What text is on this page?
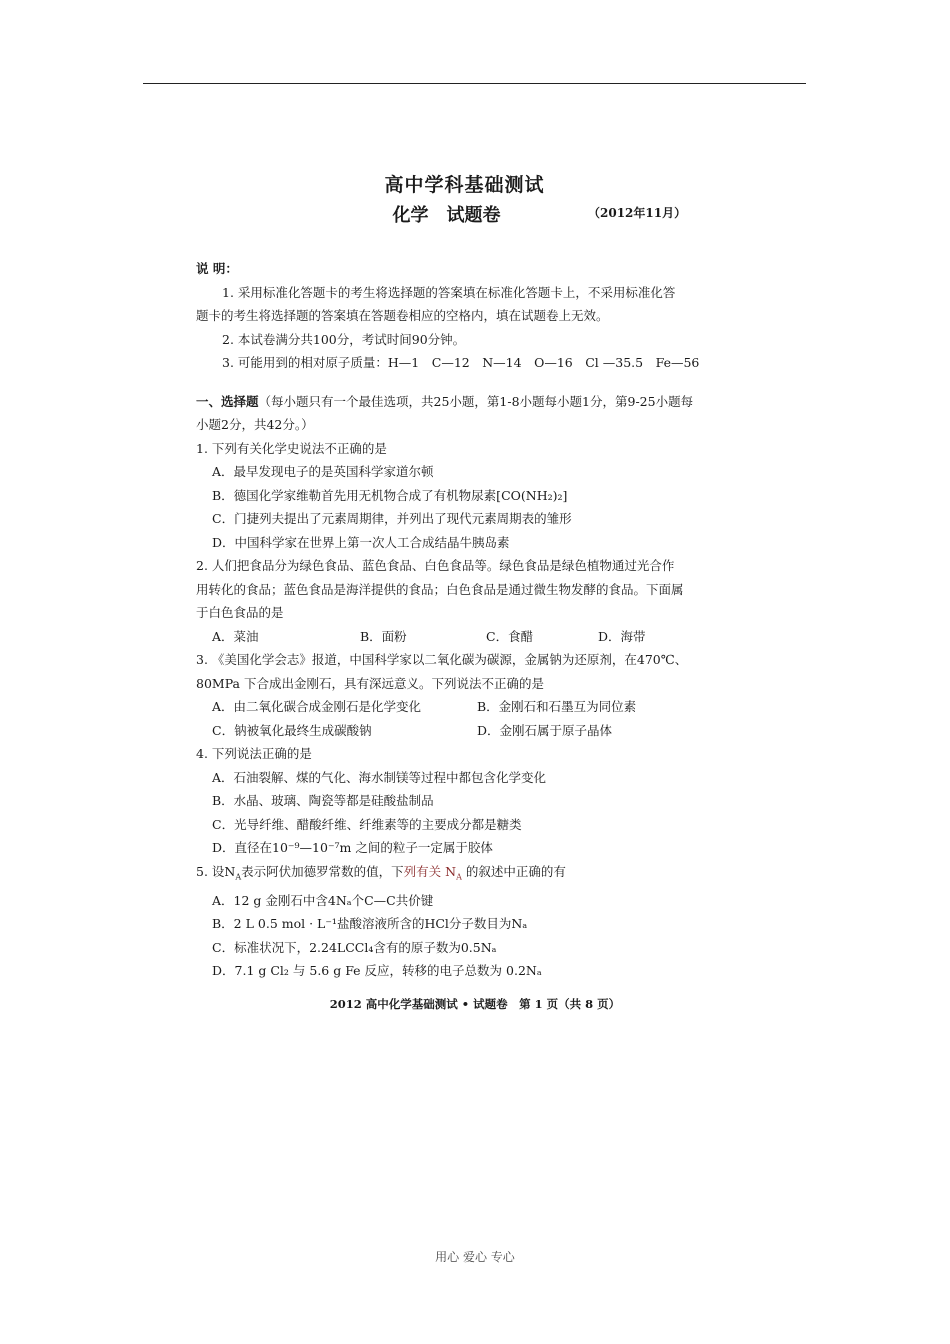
高中学科基础测试
化学　试题卷	（2012年11月）
说 明：
1. 采用标准化答题卡的考生将选择题的答案填在标准化答题卡上，不采用标准化答
题卡的考生将选择题的答案填在答题卷相应的空格内，填在试题卷上无效。
2. 本试卷满分共100分，考试时间90分钟。
3. 可能用到的相对原子质量：H—1　C—12　N—14　O—16　Cl —35.5　Fe—56
一、选择题（每小题只有一个最佳选项，共25小题，第1-8小题每小题1分，第9-25小题每
小题2分，共42分。）
1. 下列有关化学史说法不正确的是
A．最早发现电子的是英国科学家道尔顿
B．德国化学家维勒首先用无机物合成了有机物尿素[CO(NH₂)₂]
C．门捷列夫提出了元素周期律，并列出了现代元素周期表的雏形
D．中国科学家在世界上第一次人工合成结晶牛胰岛素
2. 人们把食品分为绿色食品、蓝色食品、白色食品等。绿色食品是绿色植物通过光合作
用转化的食品；蓝色食品是海洋提供的食品；白色食品是通过微生物发酵的食品。下面属
于白色食品的是
A．菜油	B．面粉	C．食醋	D．海带
3. 《美国化学会志》报道，中国科学家以二氧化碳为碳源，金属钠为还原剂，在470℃、
80MPa 下合成出金刚石，具有深远意义。下列说法不正确的是
A．由二氧化碳合成金刚石是化学变化	B．金刚石和石墨互为同位素
C．钠被氧化最终生成碳酸钠	D．金刚石属于原子晶体
4. 下列说法正确的是
A．石油裂解、煤的气化、海水制镁等过程中都包含化学变化
B．水晶、玻璃、陶瓷等都是硅酸盐制品
C．光导纤维、醋酸纤维、纤维素等的主要成分都是糖类
D．直径在10⁻⁹—10⁻⁷m 之间的粒子一定属于胶体
5. 设$N_A$表示阿伏加德罗常数的值，下列有关 $N_A$ 的叙述中正确的有
A．12 g 金刚石中含4Nₐ个C—C共价键
B．2 L 0.5 mol · L⁻¹盐酸溶液所含的HCl分子数目为Nₐ
C．标准状况下，2.24LCCl₄含有的原子数为0.5Nₐ
D．7.1 g Cl₂ 与 5.6 g Fe 反应，转移的电子总数为 0.2Nₐ
2012 高中化学基础测试 • 试题卷　第 1 页（共 8 页）
用心 爱心 专心
